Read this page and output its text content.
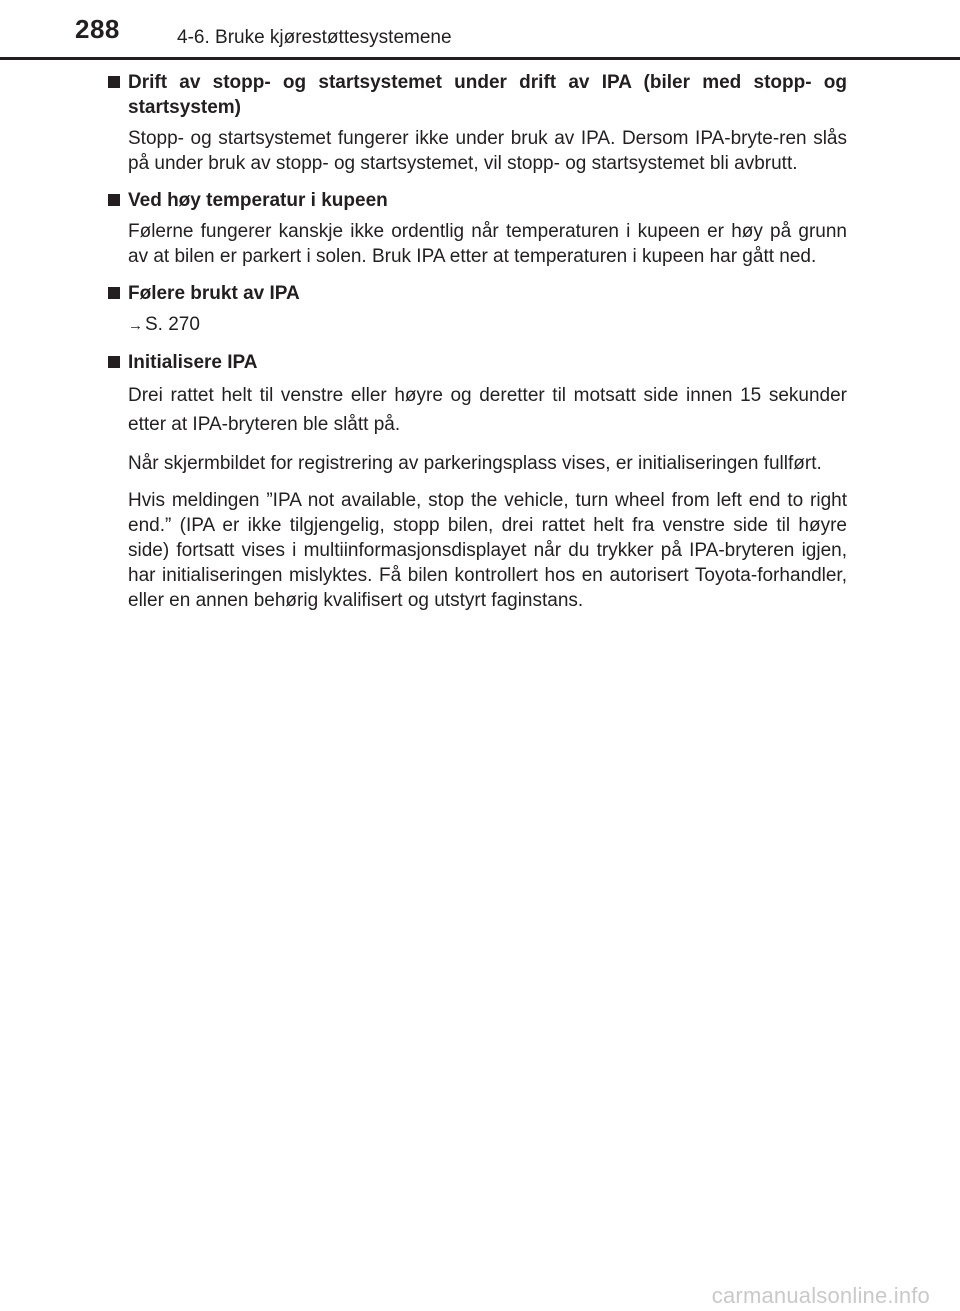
288	4-6. Bruke kjørestøttesystemene
Drift av stopp- og startsystemet under drift av IPA (biler med stopp- og startsystem)

Stopp- og startsystemet fungerer ikke under bruk av IPA. Dersom IPA-bryte-ren slås på under bruk av stopp- og startsystemet, vil stopp- og startsystemet bli avbrutt.

Ved høy temperatur i kupeen

Følerne fungerer kanskje ikke ordentlig når temperaturen i kupeen er høy på grunn av at bilen er parkert i solen. Bruk IPA etter at temperaturen i kupeen har gått ned.

Følere brukt av IPA

→ S. 270

Initialisere IPA

Drei rattet helt til venstre eller høyre og deretter til motsatt side innen 15 sekunder etter at IPA-bryteren ble slått på.

Når skjermbildet for registrering av parkeringsplass vises, er initialiseringen fullført.

Hvis meldingen ”IPA not available, stop the vehicle, turn wheel from left end to right end.” (IPA er ikke tilgjengelig, stopp bilen, drei rattet helt fra venstre side til høyre side) fortsatt vises i multiinformasjonsdisplayet når du trykker på IPA-bryteren igjen, har initialiseringen mislyktes. Få bilen kontrollert hos en autorisert Toyota-forhandler, eller en annen behørig kvalifisert og utstyrt faginstans.

carmanualsonline.info
